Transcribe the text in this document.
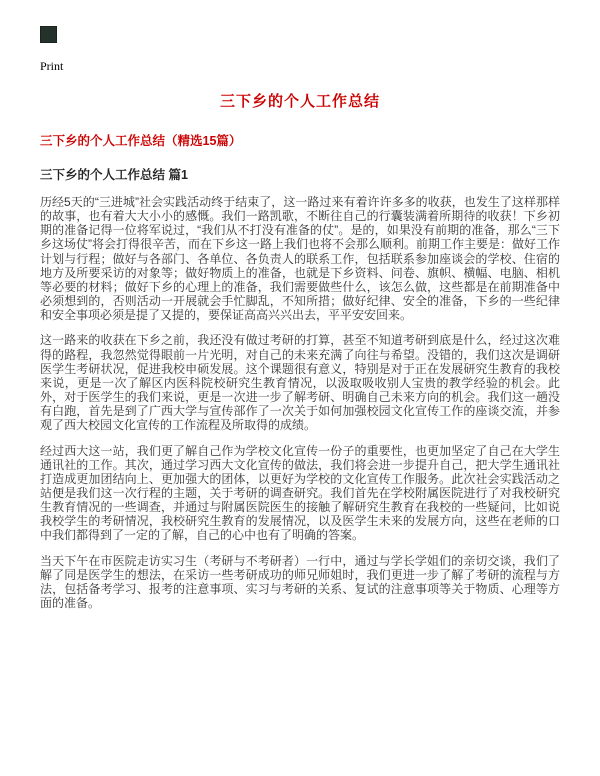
Print
三下乡的个人工作总结
三下乡的个人工作总结（精选15篇）
三下乡的个人工作总结 篇1

历经5天的“三进城”社会实践活动终于结束了，这一路过来有着许许多多的收获，也发生了这样那样的故事，也有着大大小小的感慨。我们一路凯歌，不断往自己的行囊装满着所期待的收获！下乡初期的准备记得一位将军说过，“我们从不打没有准备的仗”。是的，如果没有前期的准备，那么“三下乡这场仗”将会打得很辛苦，而在下乡这一路上我们也将不会那么顺利。前期工作主要是：做好工作计划与行程；做好与各部门、各单位、各负责人的联系工作，包括联系参加座谈会的学校、住宿的地方及所要采访的对象等；做好物质上的准备，也就是下乡资料、问卷、旗帜、横幅、电脑、相机等必要的材料；做好下乡的心理上的准备，我们需要做些什么，该怎么做，这些都是在前期准备中必须想到的，否则活动一开展就会手忙脚乱，不知所措；做好纪律、安全的准备，下乡的一些纪律和安全事项必须是提了又提的，要保证高高兴兴出去，平平安安回来。

这一路来的收获在下乡之前，我还没有做过考研的打算，甚至不知道考研到底是什么，经过这次难得的路程，我忽然觉得眼前一片光明，对自己的未来充满了向往与希望。没错的，我们这次是调研医学生考研状况，促进我校申硕发展。这个课题很有意义，特别是对于正在发展研究生教育的我校来说，更是一次了解区内医科院校研究生教育情况，以汲取吸收别人宝贵的教学经验的机会。此外，对于医学生的我们来说，更是一次进一步了解考研、明确自己未来方向的机会。我们这一趟没有白跑，首先是到了广西大学与宣传部作了一次关于如何加强校园文化宣传工作的座谈交流，并参观了西大校园文化宣传的工作流程及所取得的成绩。

经过西大这一站，我们更了解自己作为学校文化宣传一份子的重要性，也更加坚定了自己在大学生通讯社的工作。其次，通过学习西大文化宣传的做法，我们将会进一步提升自己，把大学生通讯社打造成更加团结向上、更加强大的团体，以更好为学校的文化宣传工作服务。此次社会实践活动之站便是我们这一次行程的主题，关于考研的调查研究。我们首先在学校附属医院进行了对我校研究生教育情况的一些调查，并通过与附属医院医生的接触了解研究生教育在我校的一些疑问，比如说我校学生的考研情况，我校研究生教育的发展情况，以及医学生未来的发展方向，这些在老师的口中我们都得到了一定的了解，自己的心中也有了明确的答案。

当天下午在市医院走访实习生（考研与不考研者）一行中，通过与学长学姐们的亲切交谈，我们了解了同是医学生的想法，在采访一些考研成功的师兄师姐时，我们更进一步了解了考研的流程与方法，包括备考学习、报考的注意事项、实习与考研的关系、复试的注意事项等关于物质、心理等方面的准备。
